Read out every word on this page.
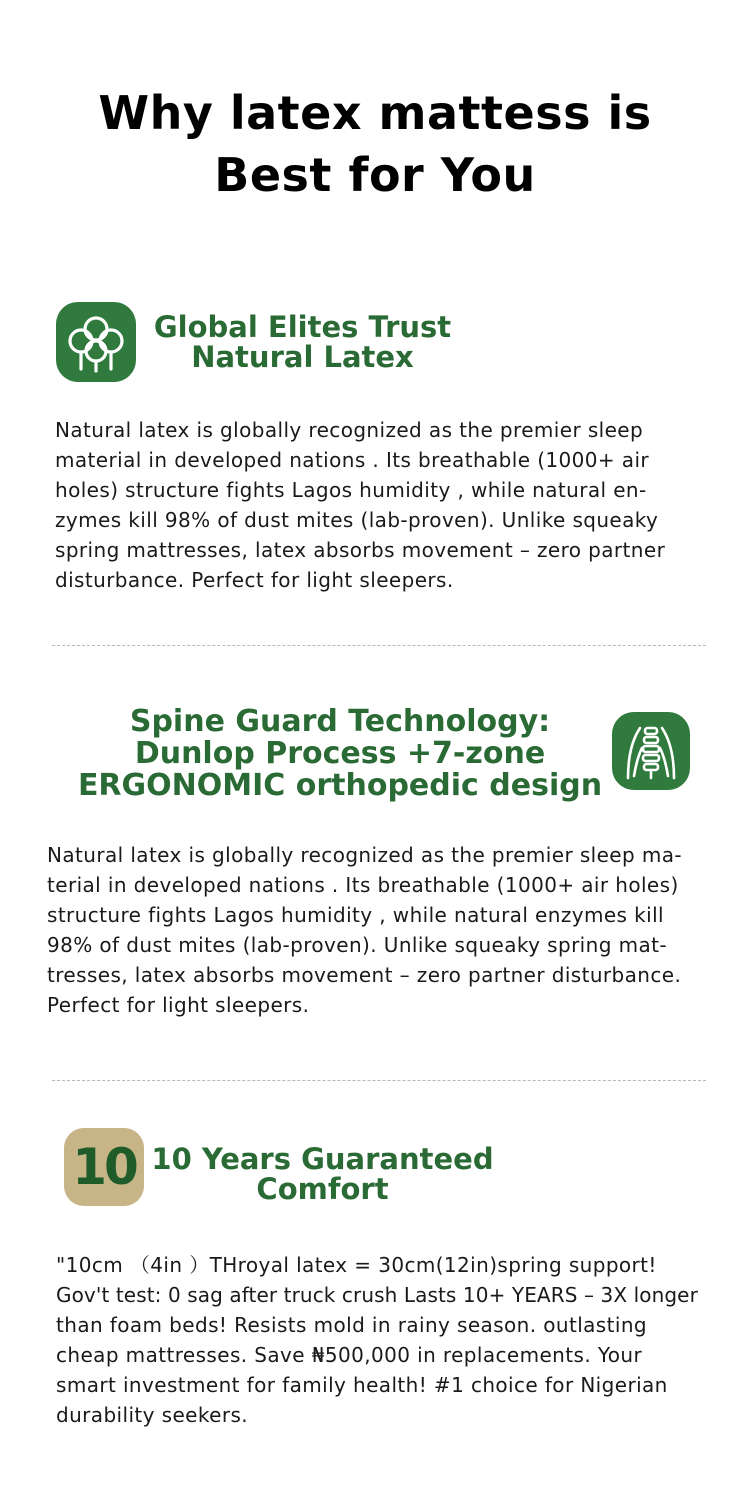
Why latex mattess is
Best for You
Global Elites Trust
Natural Latex

Natural latex is globally recognized as the premier sleep
material in developed nations . Its breathable (1000+ air
holes) structure fights Lagos humidity , while natural en-
zymes kill 98% of dust mites (lab-proven). Unlike squeaky
spring mattresses, latex absorbs movement – zero partner
disturbance. Perfect for light sleepers.

Spine Guard Technology:
Dunlop Process +7-zone
ERGONOMIC orthopedic design

Natural latex is globally recognized as the premier sleep ma-
terial in developed nations . Its breathable (1000+ air holes)
structure fights Lagos humidity , while natural enzymes kill
98% of dust mites (lab-proven). Unlike squeaky spring mat-
tresses, latex absorbs movement – zero partner disturbance.
Perfect for light sleepers.

10 10 Years Guaranteed
Comfort

"10cm （4in ）THroyal latex = 30cm(12in)spring support!
Gov't test: 0 sag after truck crush Lasts 10+ YEARS – 3X longer
than foam beds! Resists mold in rainy season. outlasting
cheap mattresses. Save ₦500,000 in replacements. Your
smart investment for family health! #1 choice for Nigerian
durability seekers.
